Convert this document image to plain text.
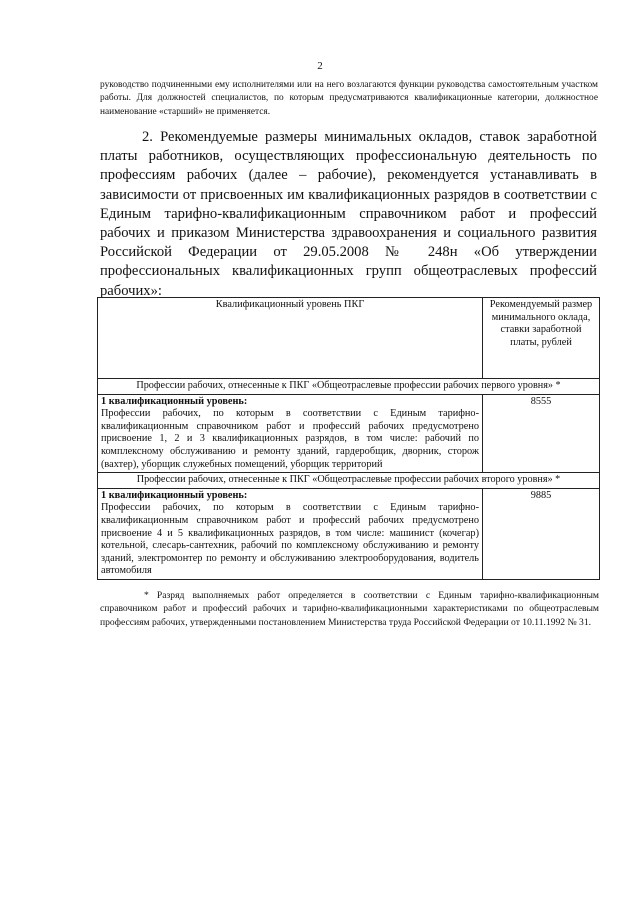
2
руководство подчиненными ему исполнителями или на него возлагаются функции руководства самостоятельным участком работы. Для должностей специалистов, по которым предусматриваются квалификационные категории, должностное наименование «старший» не применяется.
2. Рекомендуемые размеры минимальных окладов, ставок заработной платы работников, осуществляющих профессиональную деятельность по профессиям рабочих (далее – рабочие), рекомендуется устанавливать в зависимости от присвоенных им квалификационных разрядов в соответствии с Единым тарифно-квалификационным справочником работ и профессий рабочих и приказом Министерства здравоохранения и социального развития Российской Федерации от 29.05.2008 № 248н «Об утверждении профессиональных квалификационных групп общеотраслевых профессий рабочих»:
Квалификационный уровень ПКГ	Рекомендуемый размер минимального оклада, ставки заработной платы, рублей
Профессии рабочих, отнесенные к ПКГ «Общеотраслевые профессии рабочих первого уровня» *	

1 квалификационный уровень:
Профессии рабочих, по которым в соответствии с Единым тарифно-квалификационным справочником работ и профессий рабочих предусмотрено присвоение 1, 2 и 3 квалификационных разрядов, в том числе: рабочий по комплексному обслуживанию и ремонту зданий, гардеробщик, дворник, сторож (вахтер), уборщик служебных помещений, уборщик территорий	8555
Профессии рабочих, отнесенные к ПКГ «Общеотраслевые профессии рабочих второго уровня» *	

1 квалификационный уровень:
Профессии рабочих, по которым в соответствии с Единым тарифно-квалификационным справочником работ и профессий рабочих предусмотрено присвоение 4 и 5 квалификационных разрядов, в том числе: машинист (кочегар) котельной, слесарь-сантехник, рабочий по комплексному обслуживанию и ремонту зданий, электромонтер по ремонту и обслуживанию электрооборудования, водитель автомобиля	9885
* Разряд выполняемых работ определяется в соответствии с Единым тарифно-квалификационным справочником работ и профессий рабочих и тарифно-квалификационными характеристиками по общеотраслевым профессиям рабочих, утвержденными постановлением Министерства труда Российской Федерации от 10.11.1992 № 31.
